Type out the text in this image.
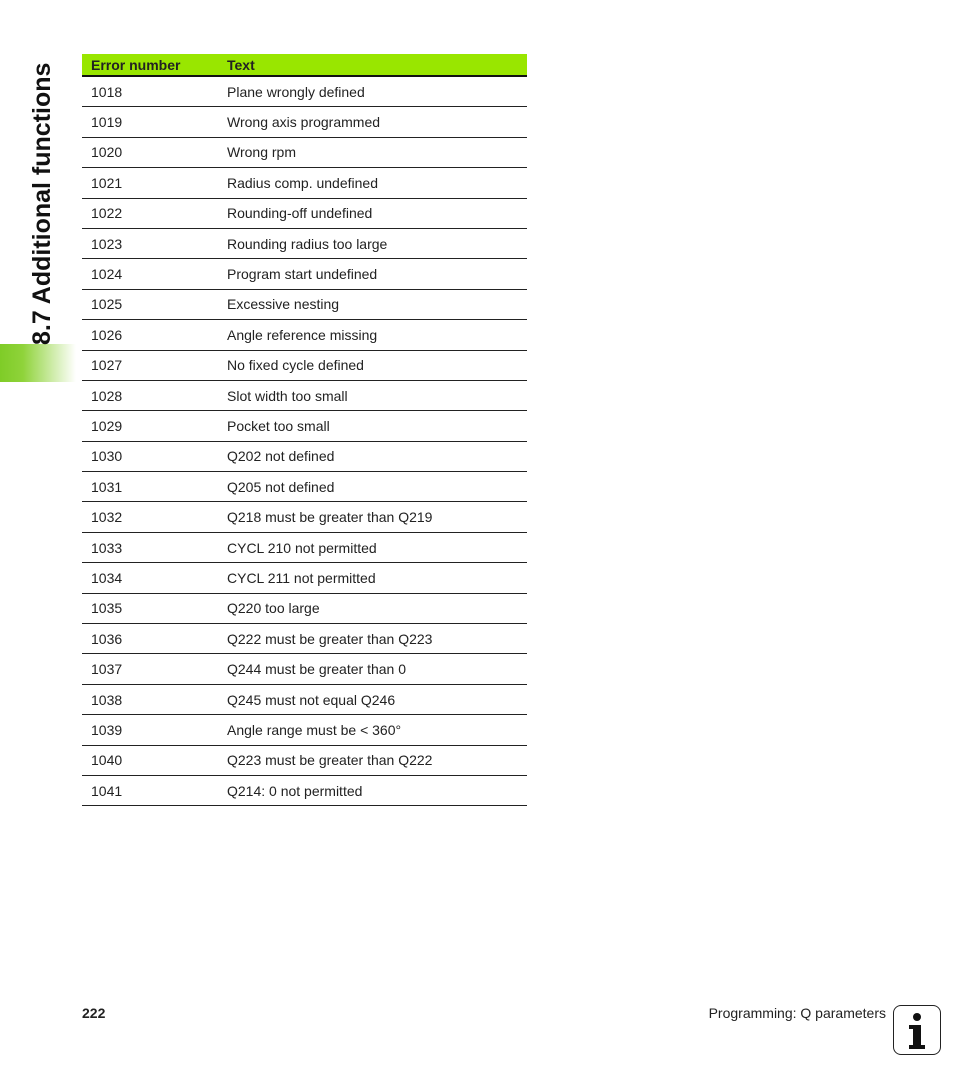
8.7 Additional functions	Error number	Text
1018	Plane wrongly defined
1019	Wrong axis programmed
1020	Wrong rpm
1021	Radius comp. undefined
1022	Rounding-off undefined
1023	Rounding radius too large
1024	Program start undefined
1025	Excessive nesting
1026	Angle reference missing
1027	No fixed cycle defined
1028	Slot width too small
1029	Pocket too small
1030	Q202 not defined
1031	Q205 not defined
1032	Q218 must be greater than Q219
1033	CYCL 210 not permitted
1034	CYCL 211 not permitted
1035	Q220 too large
1036	Q222 must be greater than Q223
1037	Q244 must be greater than 0
1038	Q245 must not equal Q246
1039	Angle range must be < 360°
1040	Q223 must be greater than Q222
1041	Q214: 0 not permitted
222	Programming: Q parameters
